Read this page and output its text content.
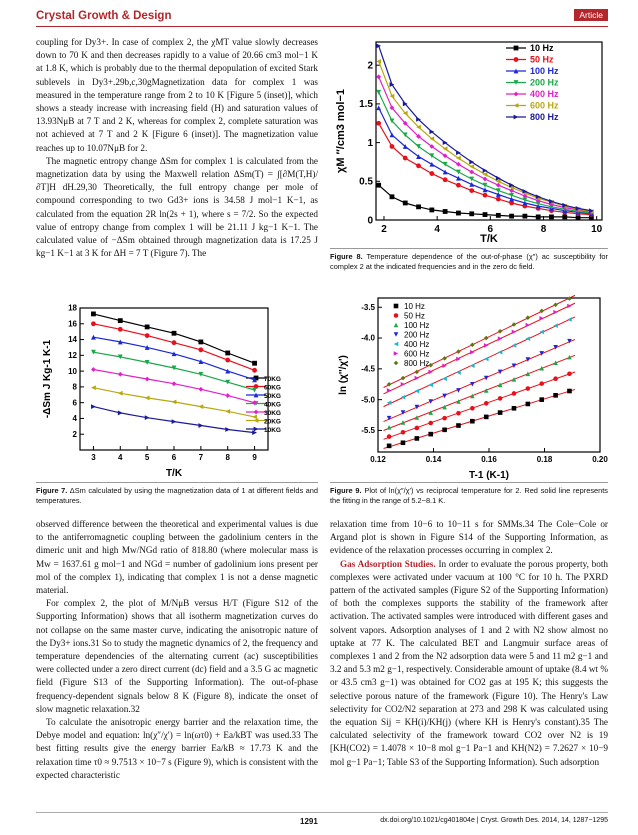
Crystal Growth & Design	Article

coupling for Dy3+. In case of complex 2, the χMT value slowly decreases down to 70 K and then decreases rapidly to a value of 20.66 cm3 mol−1 K at 1.8 K, which is probably due to the thermal depopulation of excited Stark sublevels in Dy3+.29b,c,30gMagnetization data for complex 1 was measured in the temperature range from 2 to 10 K [Figure 5 (inset)], which shows a steady increase with increasing field (H) and saturation values of 13.93NμB at 7 T and 2 K, whereas for complex 2, complete saturation was not achieved at 7 T and 2 K [Figure 6 (inset)]. The magnetization value reaches up to 10.07NμB for 2.

The magnetic entropy change ΔSm for complex 1 is calculated from the magnetization data by using the Maxwell relation ΔSm(T) = ∫[∂M(T,H)/∂T]H dH.29,30 Theoretically, the full entropy change per mole of compound corresponding to two Gd3+ ions is 34.58 J mol−1 K−1, as calculated from the equation 2R ln(2s + 1), where s = 7/2. So the expected value of entropy change from complex 1 will be 21.11 J kg−1 K−1. The calculated value of −ΔSm obtained through magnetization data is 17.25 J kg−1 K−1 at 3 K for ΔH = 7 T (Figure 7). The

3	4	5	6	7	8	9
2
4
6
8
10
12
14
16
18
T/K
-ΔSm J Kg-1 K-1	70KG
60KG
50KG
40KG
30KG
20KG
10KG
Figure 7. ΔSm calculated by using the magnetization data of 1 at different fields and temperatures.

observed difference between the theoretical and experimental values is due to the antiferromagnetic coupling between the gadolinium centers in the dimeric unit and high Mw/NGd ratio of 818.80 (where molecular mass is Mw = 1637.61 g mol−1 and NGd = number of gadolinium ions present per mol of the complex 1), indicating that complex 1 is not a dense magnetic material.

For complex 2, the plot of M/NμB versus H/T (Figure S12 of the Supporting Information) shows that all isotherm magnetization curves do not collapse on the same master curve, indicating the anisotropic nature of the Dy3+ ions.31 So to study the magnetic dynamics of 2, the frequency and temperature dependencies of the alternating current (ac) susceptibilities were collected under a zero direct current (dc) field and a 3.5 G ac magnetic field (Figure S13 of the Supporting Information). The out-of-phase frequency-dependent signals below 8 K (Figure 8), indicate the onset of slow magnetic relaxation.32

To calculate the anisotropic energy barrier and the relaxation time, the Debye model and equation: ln(χ″/χ′) = ln(ωτ0) + Ea/kBT was used.33 The best fitting results give the energy barrier Ea/kB ≈ 17.73 K and the relaxation time τ0 ≈ 9.7513 × 10−7 s (Figure 9), which is consistent with the expected characteristic

2	4	6	8	10
0
0.5
1
1.5
2
T/K
χM ″/cm3 mol−1
10 Hz
50 Hz
100 Hz
200 Hz
400 Hz
600 Hz
800 Hz
Figure 8. Temperature dependence of the out-of-phase (χ″) ac susceptibility for complex 2 at the indicated frequencies and in the zero dc field.
0.12	0.14	0.16	0.18	0.20
-5.5
-5.0
-4.5
-4.0
-3.5
T-1 (K-1)
ln (χ''/χ')
10 Hz
50 Hz
100 Hz
200 Hz
400 Hz
600 Hz
800 Hz
Figure 9. Plot of ln(χ″/χ′) vs reciprocal temperature for 2. Red solid line represents the fitting in the range of 5.2−8.1 K.

relaxation time from 10−6 to 10−11 s for SMMs.34 The Cole−Cole or Argand plot is shown in Figure S14 of the Supporting Information, as evidence of the relaxation processes occurring in complex 2.

Gas Adsorption Studies. In order to evaluate the porous property, both complexes were activated under vacuum at 100 °C for 10 h. The PXRD pattern of the activated samples (Figure S2 of the Supporting Information) of both the complexes supports the stability of the framework after activation. The activated samples were introduced with different gases and solvent vapors. Adsorption analyses of 1 and 2 with N2 show almost no uptake at 77 K. The calculated BET and Langmuir surface areas of complexes 1 and 2 from the N2 adsorption data were 5 and 11 m2 g−1 and 3.2 and 5.3 m2 g−1, respectively. Considerable amount of uptake (8.4 wt % or 43.5 cm3 g−1) was obtained for CO2 gas at 195 K; this suggests the selective porous nature of the framework (Figure 10). The Henry's Law selectivity for CO2/N2 separation at 273 and 298 K was calculated using the equation Sij = KH(i)/KH(j) (where KH is Henry's constant).35 The calculated selectivity of the framework toward CO2 over N2 is 19 [KH(CO2) = 1.4078 × 10−8 mol g−1 Pa−1 and KH(N2) = 7.2627 × 10−9 mol g−1 Pa−1; Table S3 of the Supporting Information). Such adsorption

1291	dx.doi.org/10.1021/cg401804e | Cryst. Growth Des. 2014, 14, 1287−1295
